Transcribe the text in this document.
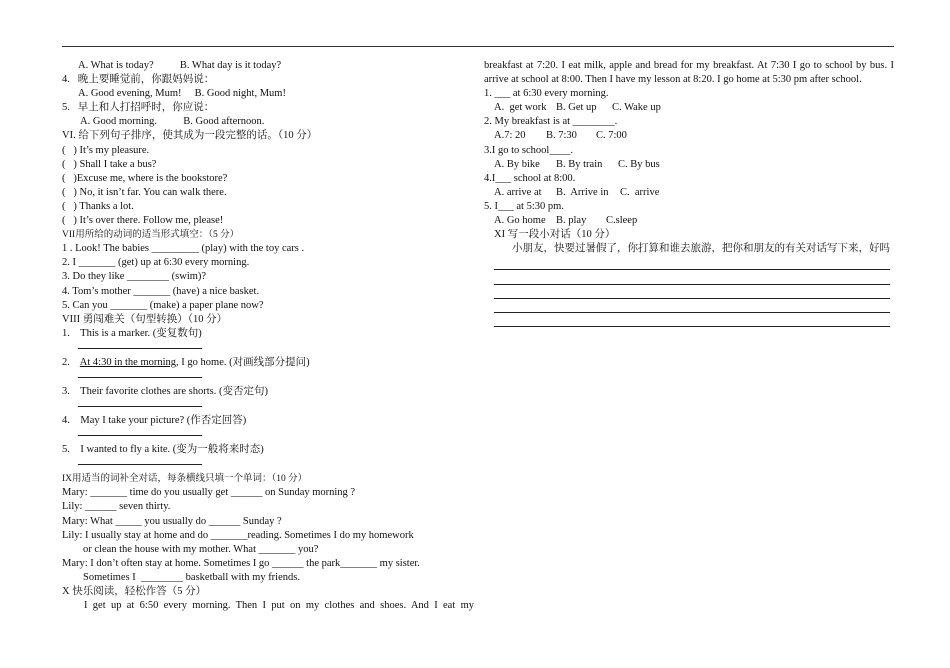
A. What is today?          B. What day is it today?
4.   晚上要睡觉前，你跟妈妈说：
A. Good evening, Mum!     B. Good night, Mum!
5.   早上和人打招呼时，你应说：
A. Good morning.          B. Good afternoon.
VI. 给下列句子排序，使其成为一段完整的话。（10 分）
(   ) It’s my pleasure.
(   ) Shall I take a bus?
(   )Excuse me, where is the bookstore?
(   ) No, it isn’t far. You can walk there.
(   ) Thanks a lot.
(   ) It’s over there. Follow me, please!
VII用所给的动词的适当形式填空：（5 分）
1 . Look! The babies _________ (play) with the toy cars .
2. I _______ (get) up at 6:30 every morning.
3. Do they like ________ (swim)?
4. Tom’s mother _______ (have) a nice basket.
5. Can you _______ (make) a paper plane now?
VIII 勇闯难关（句型转换）（10 分）
1.    This is a marker. (变复数句)
2.    At 4:30 in the morning, I go home. (对画线部分提问)
3.    Their favorite clothes are shorts. (变否定句)
4.    May I take your picture? (作否定回答)
5.    I wanted to fly a kite. (变为一般将来时态)
IX用适当的词补全对话，每条横线只填一个单词：（10 分）
Mary: _______ time do you usually get ______ on Sunday morning ?
Lily: ______ seven thirty.
Mary: What _____ you usually do ______ Sunday ?
Lily: I usually stay at home and do _______reading. Sometimes I do my homework
or clean the house with my mother. What _______ you?
Mary: I don’t often stay at home. Sometimes I go ______ the park_______ my sister.
Sometimes I  ________ basketball with my friends.
X 快乐阅读，轻松作答（5 分）
I get up at 6:50 every morning. Then I put on my clothes and shoes. And I eat my
breakfast at 7:20. I eat milk, apple and bread for my breakfast. At 7:30 I go to school by bus. I arrive at school at 8:00. Then I have my lesson at 8:20. I go home at 5:30 pm after school.
1. ___ at 6:30 every morning.
A.  get work B. Get up	C. Wake up
2. My breakfast is at ________.
A.7: 20	B. 7:30	C. 7:00
3.I go to school____.
A. By bike	B. By train	C. By bus
4.I___ school at 8:00.
A. arrive at	B.  Arrive in	C.  arrive
5. I___ at 5:30 pm.
A. Go home B. play	C.sleep
XI 写一段小对话（10 分）
小朋友，快要过暑假了，你打算和谁去旅游，把你和朋友的有关对话写下来，好吗
